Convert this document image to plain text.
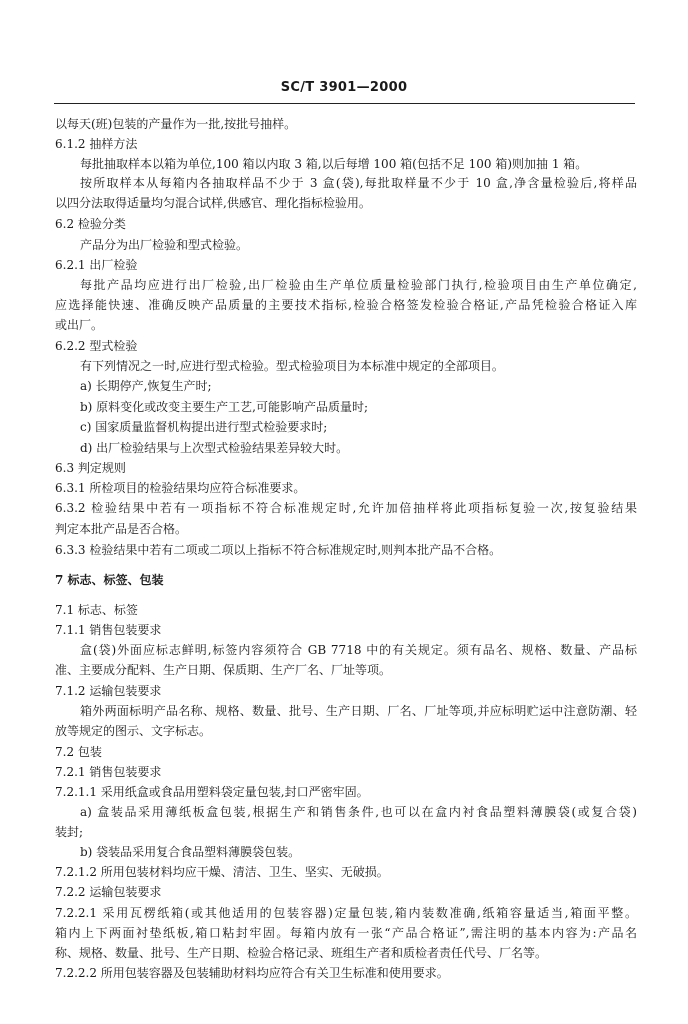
SC/T 3901—2000
以每天(班)包装的产量作为一批,按批号抽样。
6.1.2 抽样方法
每批抽取样本以箱为单位,100 箱以内取 3 箱,以后每增 100 箱(包括不足 100 箱)则加抽 1 箱。
按所取样本从每箱内各抽取样品不少于 3 盒(袋),每批取样量不少于 10 盒,净含量检验后,将样品
以四分法取得适量均匀混合试样,供感官、理化指标检验用。
6.2 检验分类
产品分为出厂检验和型式检验。
6.2.1 出厂检验
每批产品均应进行出厂检验,出厂检验由生产单位质量检验部门执行,检验项目由生产单位确定,
应选择能快速、准确反映产品质量的主要技术指标,检验合格签发检验合格证,产品凭检验合格证入库
或出厂。
6.2.2 型式检验
有下列情况之一时,应进行型式检验。型式检验项目为本标准中规定的全部项目。
a) 长期停产,恢复生产时;
b) 原料变化或改变主要生产工艺,可能影响产品质量时;
c) 国家质量监督机构提出进行型式检验要求时;
d) 出厂检验结果与上次型式检验结果差异较大时。
6.3 判定规则
6.3.1 所检项目的检验结果均应符合标准要求。
6.3.2 检验结果中若有一项指标不符合标准规定时,允许加倍抽样将此项指标复验一次,按复验结果
判定本批产品是否合格。
6.3.3 检验结果中若有二项或二项以上指标不符合标准规定时,则判本批产品不合格。
7 标志、标签、包装
7.1 标志、标签
7.1.1 销售包装要求
盒(袋)外面应标志鲜明,标签内容须符合 GB 7718 中的有关规定。须有品名、规格、数量、产品标
准、主要成分配料、生产日期、保质期、生产厂名、厂址等项。
7.1.2 运输包装要求
箱外两面标明产品名称、规格、数量、批号、生产日期、厂名、厂址等项,并应标明贮运中注意防潮、轻
放等规定的图示、文字标志。
7.2 包装
7.2.1 销售包装要求
7.2.1.1 采用纸盒或食品用塑料袋定量包装,封口严密牢固。
a) 盒装品采用薄纸板盒包装,根据生产和销售条件,也可以在盒内衬食品塑料薄膜袋(或复合袋)
装封;
b) 袋装品采用复合食品塑料薄膜袋包装。
7.2.1.2 所用包装材料均应干燥、清洁、卫生、坚实、无破损。
7.2.2 运输包装要求
7.2.2.1 采用瓦楞纸箱(或其他适用的包装容器)定量包装,箱内装数准确,纸箱容量适当,箱面平整。
箱内上下两面衬垫纸板,箱口粘封牢固。每箱内放有一张“产品合格证”,需注明的基本内容为:产品名
称、规格、数量、批号、生产日期、检验合格记录、班组生产者和质检者责任代号、厂名等。
7.2.2.2 所用包装容器及包装辅助材料均应符合有关卫生标准和使用要求。
